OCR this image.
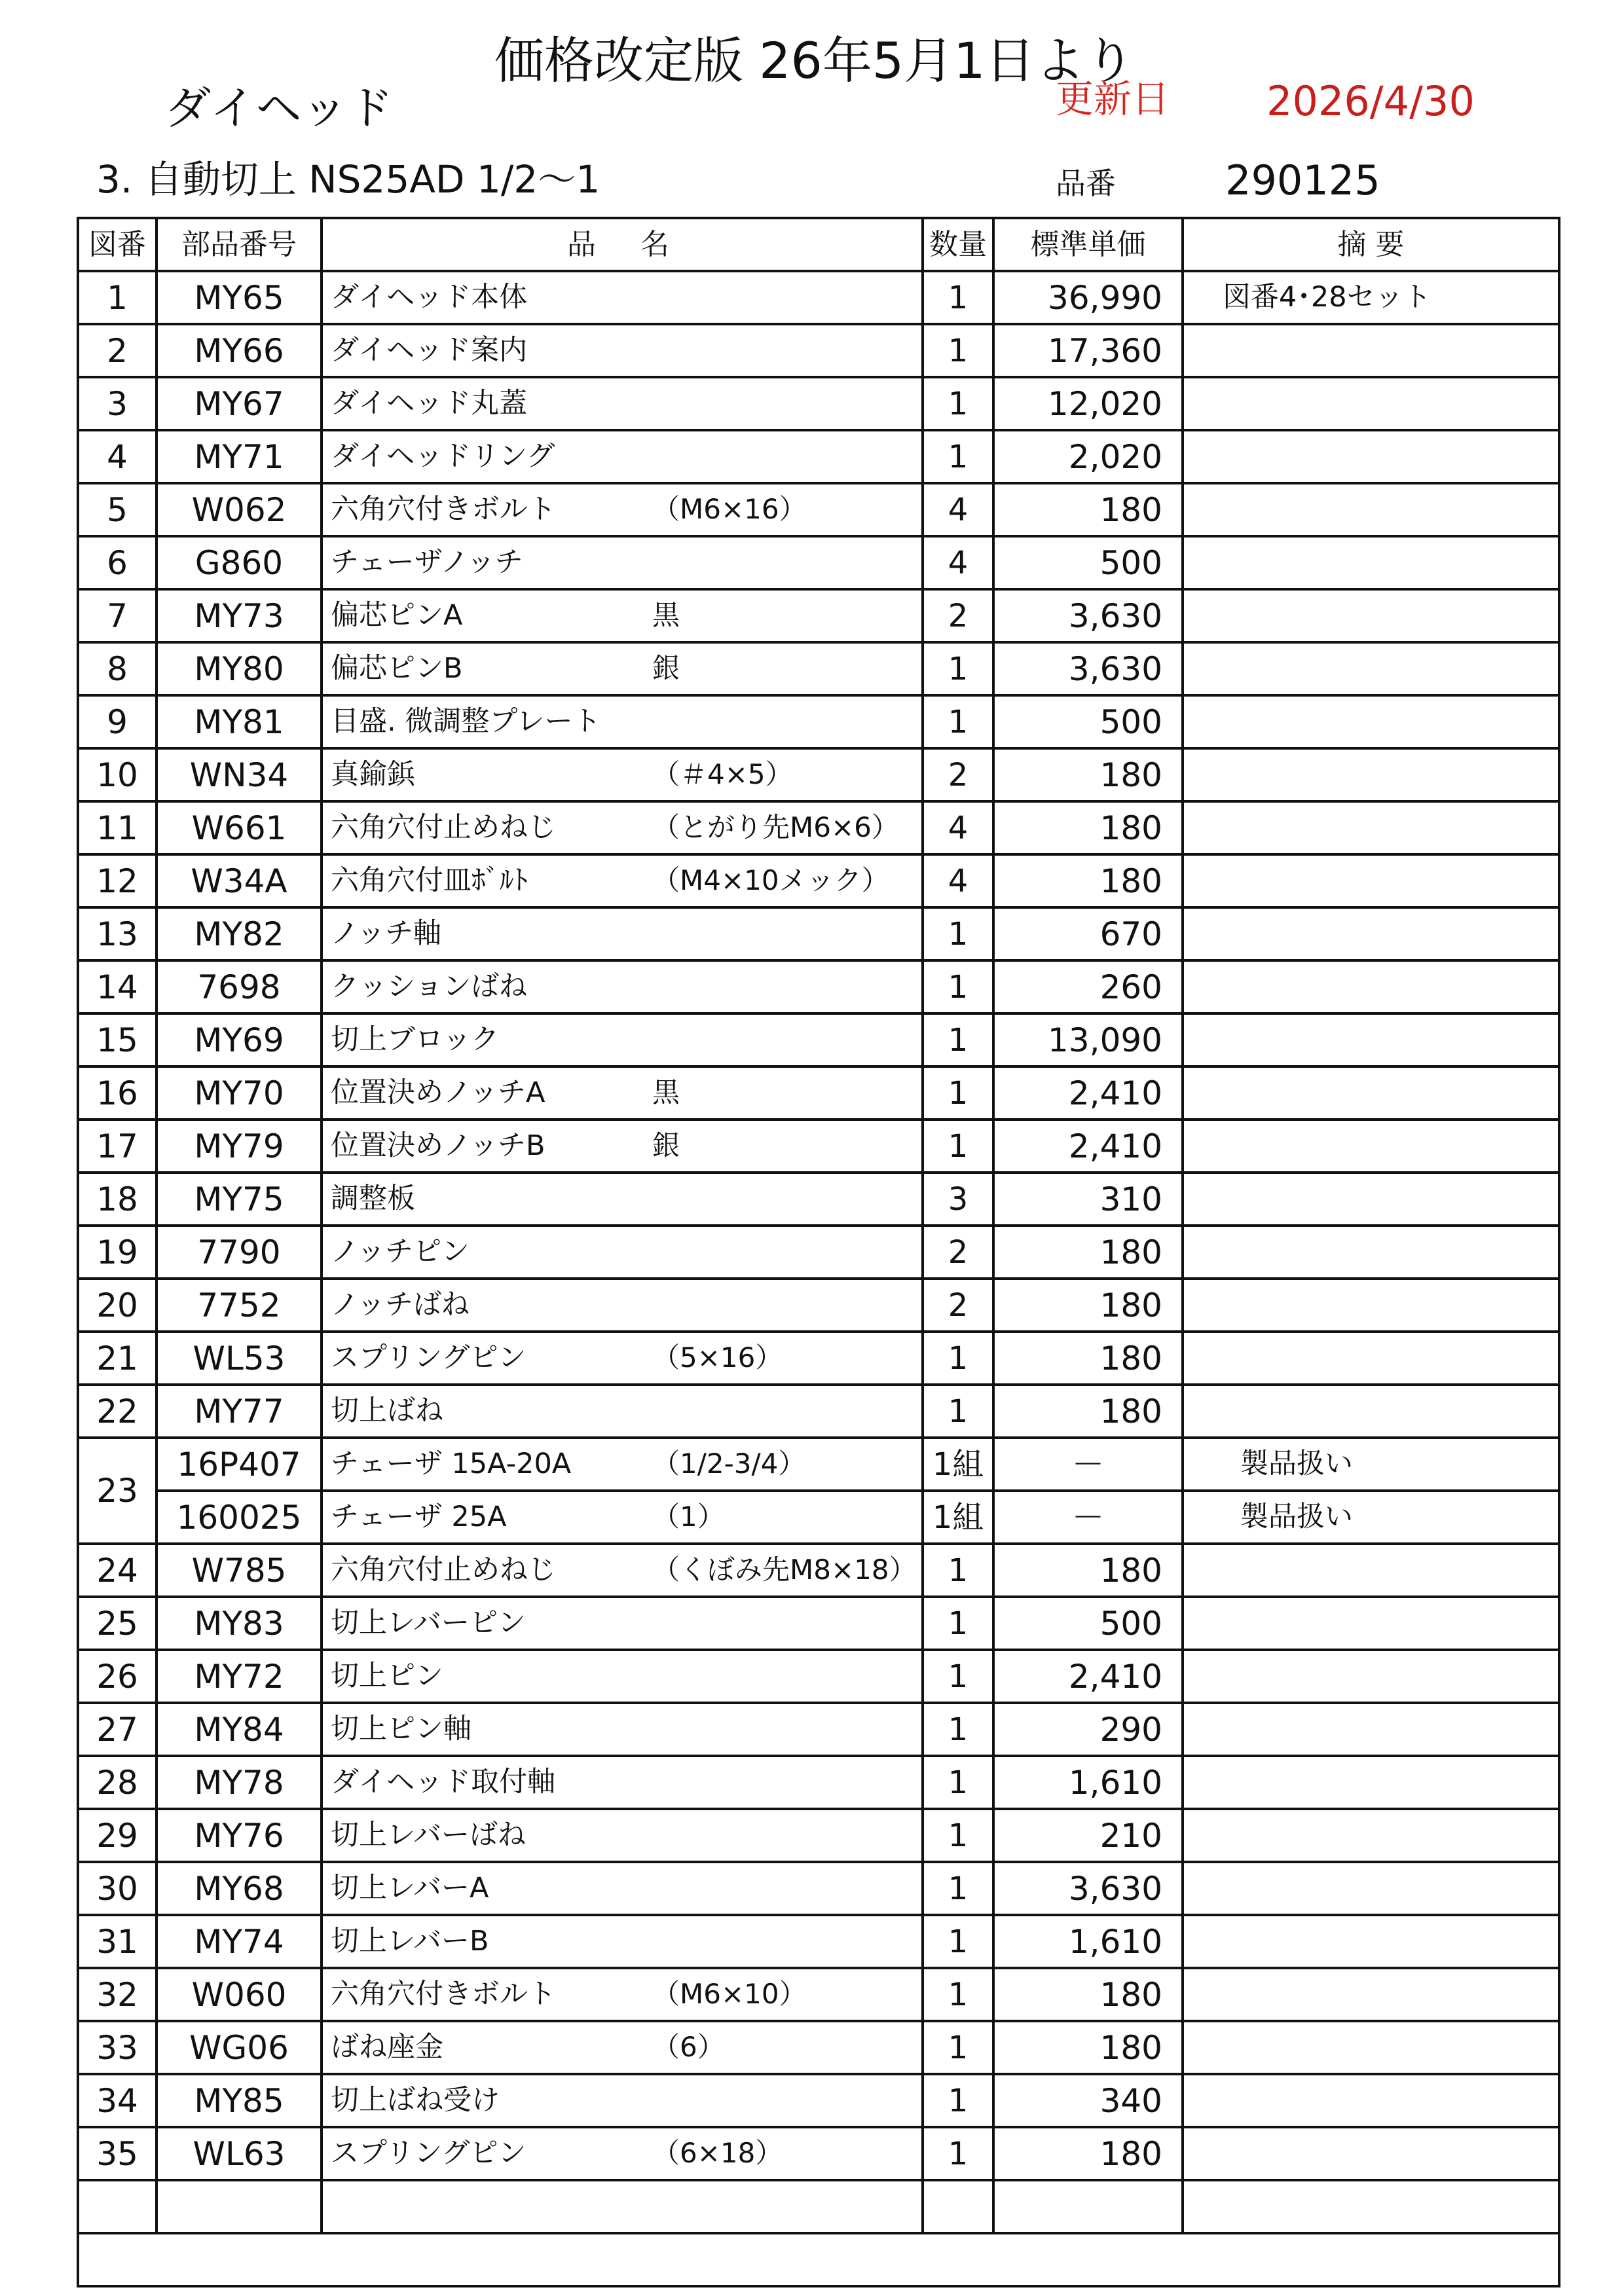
価格改定版 26年5月1日より
ダイヘッド	更新日 2026/4/30
3. 自動切上 NS25AD 1/2～1	品番	290125
図番	部品番号	品　名	数量	標準単価	摘 要
1	MY65	ダイヘッド本体	1	36,990	図番4･28セット
2	MY66	ダイヘッド案内	1	17,360	
3	MY67	ダイヘッド丸蓋	1	12,020	
4	MY71	ダイヘッドリング	1	2,020	
5	W062	六角穴付きボルト （M6×16）	4	180	
6	G860	チェーザノッチ	4	500	
7	MY73	偏芯ピンA 黒	2	3,630	
8	MY80	偏芯ピンB 銀	1	3,630	
9	MY81	目盛. 微調整プレート	1	500	
10	WN34	真鍮鋲 （＃4×5）	2	180	
11	W661	六角穴付止めねじ （とがり先M6×6）	4	180	
12	W34A	六角穴付皿ﾎﾞﾙﾄ （M4×10メック）	4	180	
13	MY82	ノッチ軸	1	670	
14	7698	クッションばね	1	260	
15	MY69	切上ブロック	1	13,090	
16	MY70	位置決めノッチA 黒	1	2,410	
17	MY79	位置決めノッチB 銀	1	2,410	
18	MY75	調整板	3	310	
19	7790	ノッチピン	2	180	
20	7752	ノッチばね	2	180	
21	WL53	スプリングピン （5×16）	1	180	
22	MY77	切上ばね	1	180	
23	16P407	チェーザ 15A-20A （1/2-3/4）	1組	－	製品扱い
	160025	チェーザ 25A （1）	1組	－	製品扱い
24	W785	六角穴付止めねじ （くぼみ先M8×18）	1	180	
25	MY83	切上レバーピン	1	500	
26	MY72	切上ピン	1	2,410	
27	MY84	切上ピン軸	1	290	
28	MY78	ダイヘッド取付軸	1	1,610	
29	MY76	切上レバーばね	1	210	
30	MY68	切上レバーA	1	3,630	
31	MY74	切上レバーB	1	1,610	
32	W060	六角穴付きボルト （M6×10）	1	180	
33	WG06	ばね座金 （6）	1	180	
34	MY85	切上ばね受け	1	340	
35	WL63	スプリングピン （6×18）	1	180	
